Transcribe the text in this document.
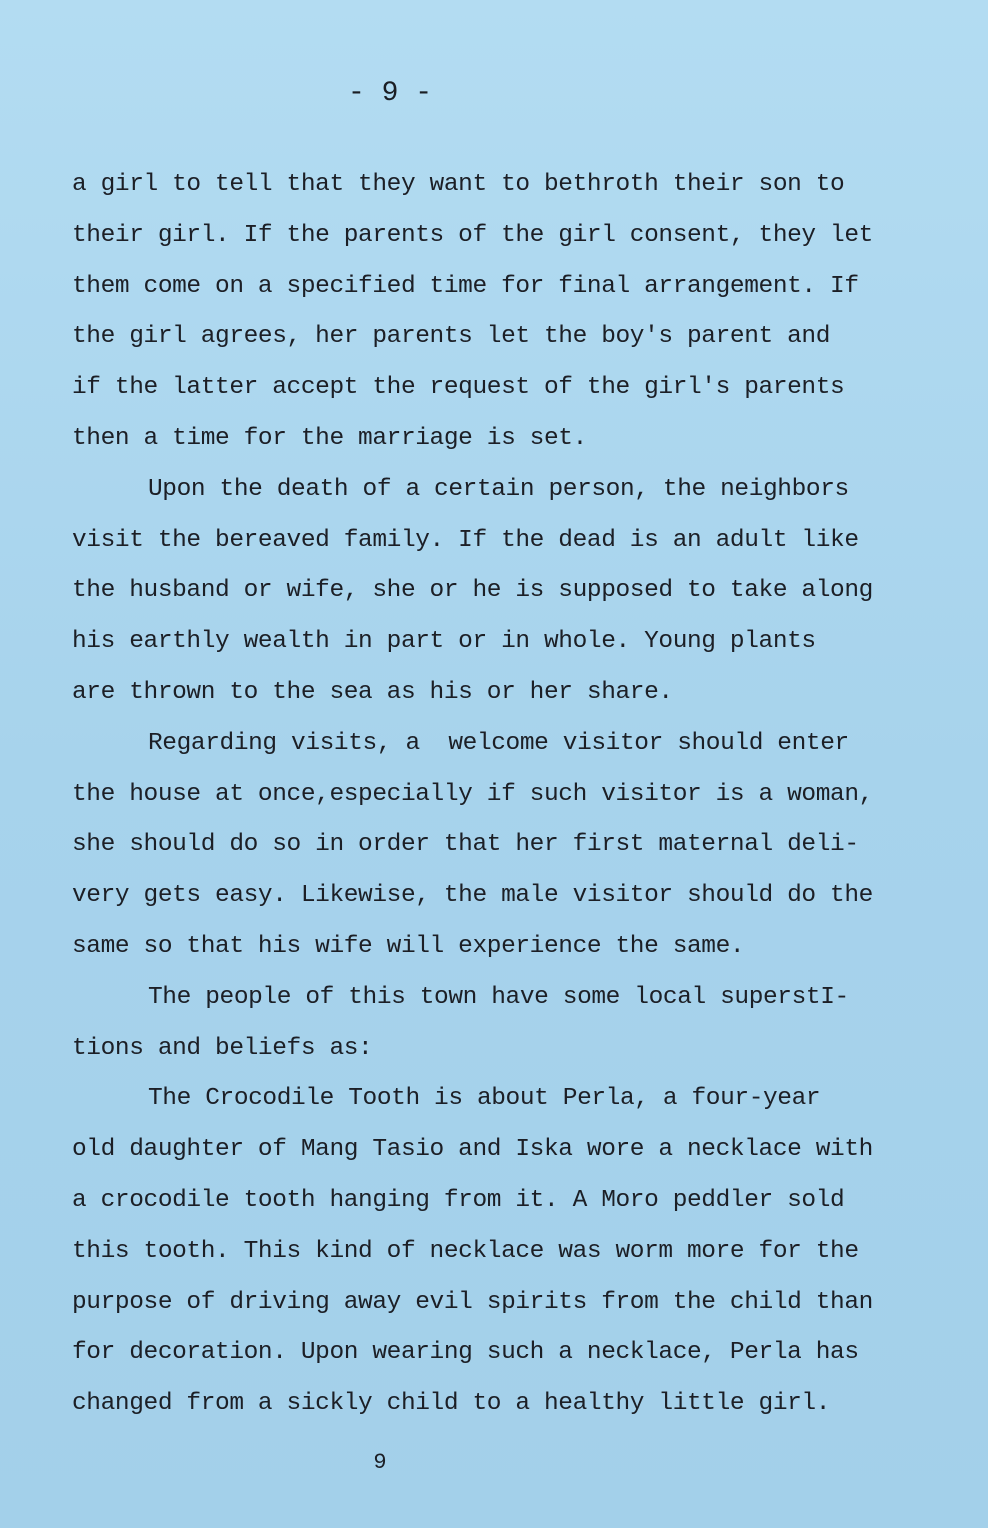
- 9 -
a girl to tell that they want to bethroth their son to
their girl. If the parents of the girl consent, they let
them come on a specified time for final arrangement. If
the girl agrees, her parents let the boy's parent and
if the latter accept the request of the girl's parents
then a time for the marriage is set.
Upon the death of a certain person, the neighbors
visit the bereaved family. If the dead is an adult like
the husband or wife, she or he is supposed to take along
his earthly wealth in part or in whole. Young plants
are thrown to the sea as his or her share.
Regarding visits, a  welcome visitor should enter
the house at once,especially if such visitor is a woman,
she should do so in order that her first maternal deli-
very gets easy. Likewise, the male visitor should do the
same so that his wife will experience the same.
The people of this town have some local superstI-
tions and beliefs as:
The Crocodile Tooth is about Perla, a four-year
old daughter of Mang Tasio and Iska wore a necklace with
a crocodile tooth hanging from it. A Moro peddler sold
this tooth. This kind of necklace was worm more for the
purpose of driving away evil spirits from the child than
for decoration. Upon wearing such a necklace, Perla has
changed from a sickly child to a healthy little girl.
9
